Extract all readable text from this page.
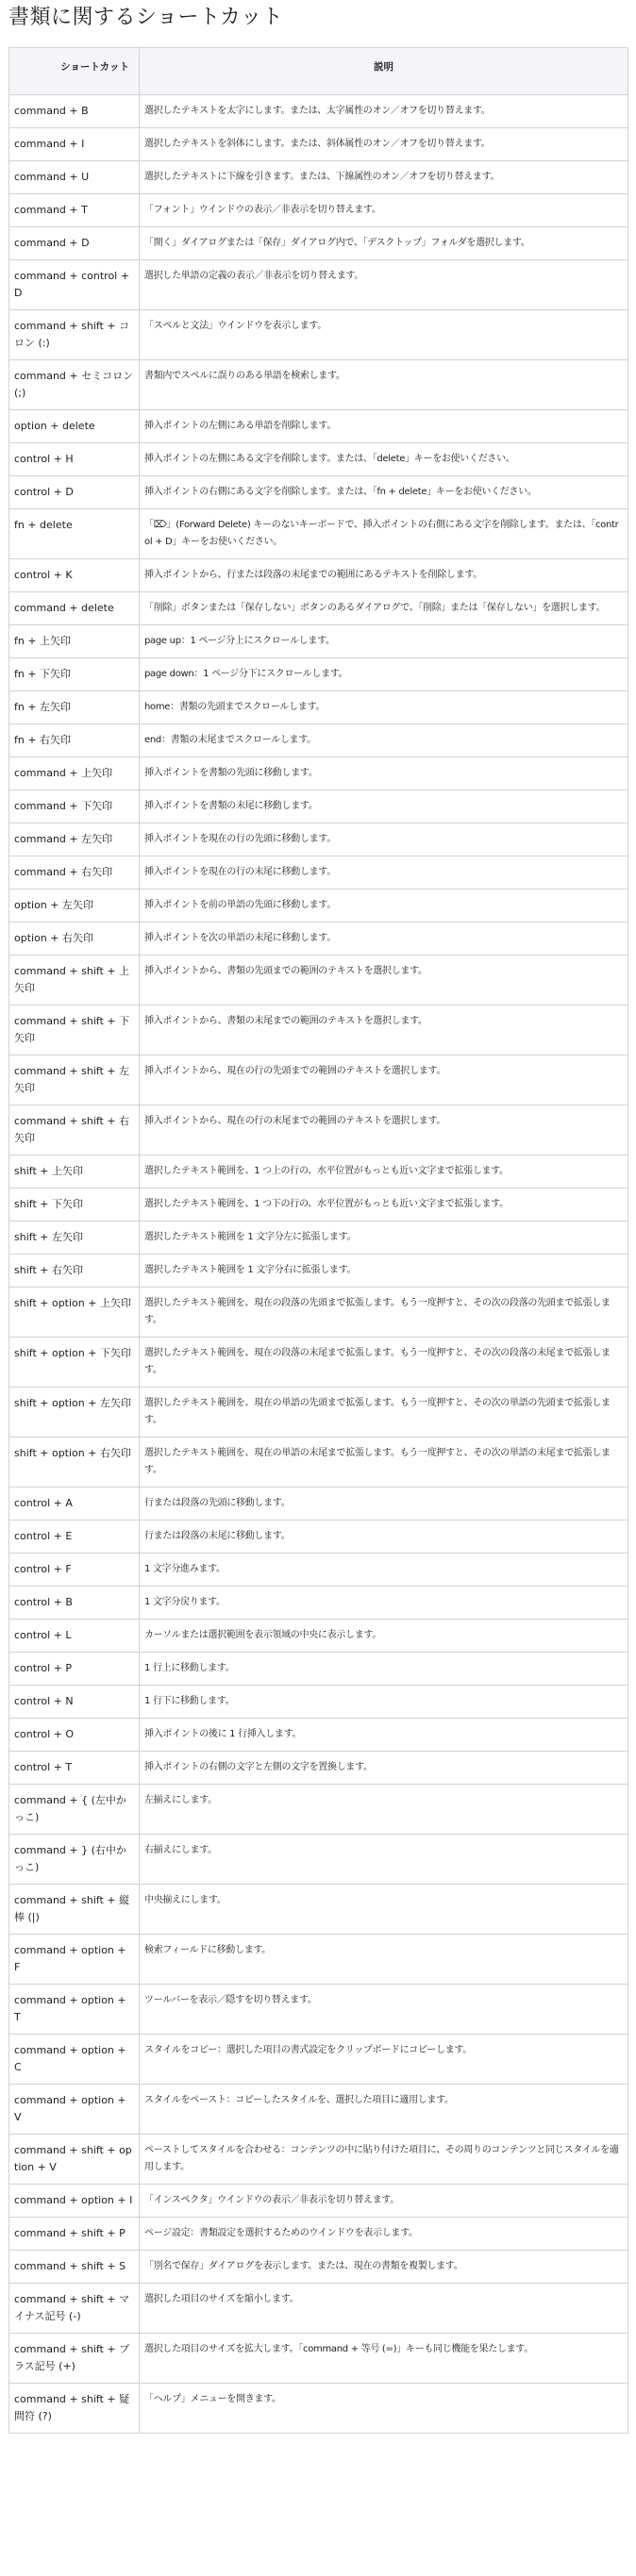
書類に関するショートカット
ショートカット	説明
command + B	選択したテキストを太字にします。または、太字属性のオン／オフを切り替えます。
command + I	選択したテキストを斜体にします。または、斜体属性のオン／オフを切り替えます。
command + U	選択したテキストに下線を引きます。または、下線属性のオン／オフを切り替えます。
command + T	「フォント」ウインドウの表示／非表示を切り替えます。
command + D	「開く」ダイアログまたは「保存」ダイアログ内で、「デスクトップ」フォルダを選択します。
command + control + D	選択した単語の定義の表示／非表示を切り替えます。
command + shift + コロン (:)	「スペルと文法」ウインドウを表示します。
command + セミコロン (;)	書類内でスペルに誤りのある単語を検索します。
option + delete	挿入ポイントの左側にある単語を削除します。
control + H	挿入ポイントの左側にある文字を削除します。または、「delete」キーをお使いください。
control + D	挿入ポイントの右側にある文字を削除します。または、「fn + delete」キーをお使いください。
fn + delete	「⌦」(Forward Delete) キーのないキーボードで、挿入ポイントの右側にある文字を削除します。または、「control + D」キーをお使いください。
control + K	挿入ポイントから、行または段落の末尾までの範囲にあるテキストを削除します。
command + delete	「削除」ボタンまたは「保存しない」ボタンのあるダイアログで、「削除」または「保存しない」を選択します。
fn + 上矢印	page up：1 ページ分上にスクロールします。
fn + 下矢印	page down：1 ページ分下にスクロールします。
fn + 左矢印	home：書類の先頭までスクロールします。
fn + 右矢印	end：書類の末尾までスクロールします。
command + 上矢印	挿入ポイントを書類の先頭に移動します。
command + 下矢印	挿入ポイントを書類の末尾に移動します。
command + 左矢印	挿入ポイントを現在の行の先頭に移動します。
command + 右矢印	挿入ポイントを現在の行の末尾に移動します。
option + 左矢印	挿入ポイントを前の単語の先頭に移動します。
option + 右矢印	挿入ポイントを次の単語の末尾に移動します。
command + shift + 上矢印	挿入ポイントから、書類の先頭までの範囲のテキストを選択します。
command + shift + 下矢印	挿入ポイントから、書類の末尾までの範囲のテキストを選択します。
command + shift + 左矢印	挿入ポイントから、現在の行の先頭までの範囲のテキストを選択します。
command + shift + 右矢印	挿入ポイントから、現在の行の末尾までの範囲のテキストを選択します。
shift + 上矢印	選択したテキスト範囲を、1 つ上の行の、水平位置がもっとも近い文字まで拡張します。
shift + 下矢印	選択したテキスト範囲を、1 つ下の行の、水平位置がもっとも近い文字まで拡張します。
shift + 左矢印	選択したテキスト範囲を 1 文字分左に拡張します。
shift + 右矢印	選択したテキスト範囲を 1 文字分右に拡張します。
shift + option + 上矢印	選択したテキスト範囲を、現在の段落の先頭まで拡張します。もう一度押すと、その次の段落の先頭まで拡張します。
shift + option + 下矢印	選択したテキスト範囲を、現在の段落の末尾まで拡張します。もう一度押すと、その次の段落の末尾まで拡張します。
shift + option + 左矢印	選択したテキスト範囲を、現在の単語の先頭まで拡張します。もう一度押すと、その次の単語の先頭まで拡張します。
shift + option + 右矢印	選択したテキスト範囲を、現在の単語の末尾まで拡張します。もう一度押すと、その次の単語の末尾まで拡張します。
control + A	行または段落の先頭に移動します。
control + E	行または段落の末尾に移動します。
control + F	1 文字分進みます。
control + B	1 文字分戻ります。
control + L	カーソルまたは選択範囲を表示領域の中央に表示します。
control + P	1 行上に移動します。
control + N	1 行下に移動します。
control + O	挿入ポイントの後に 1 行挿入します。
control + T	挿入ポイントの右側の文字と左側の文字を置換します。
command + { (左中かっこ)	左揃えにします。
command + } (右中かっこ)	右揃えにします。
command + shift + 縦棒 (|)	中央揃えにします。
command + option + F	検索フィールドに移動します。
command + option + T	ツールバーを表示／隠すを切り替えます。
command + option + C	スタイルをコピー：選択した項目の書式設定をクリップボードにコピーします。
command + option + V	スタイルをペースト：コピーしたスタイルを、選択した項目に適用します。
command + shift + option + V	ペーストしてスタイルを合わせる：コンテンツの中に貼り付けた項目に、その周りのコンテンツと同じスタイルを適用します。
command + option + I	「インスペクタ」ウインドウの表示／非表示を切り替えます。
command + shift + P	ページ設定：書類設定を選択するためのウインドウを表示します。
command + shift + S	「別名で保存」ダイアログを表示します。または、現在の書類を複製します。
command + shift + マイナス記号 (-)	選択した項目のサイズを縮小します。
command + shift + プラス記号 (+)	選択した項目のサイズを拡大します。「command + 等号 (=)」キーも同じ機能を果たします。
command + shift + 疑問符 (?)	「ヘルプ」メニューを開きます。
